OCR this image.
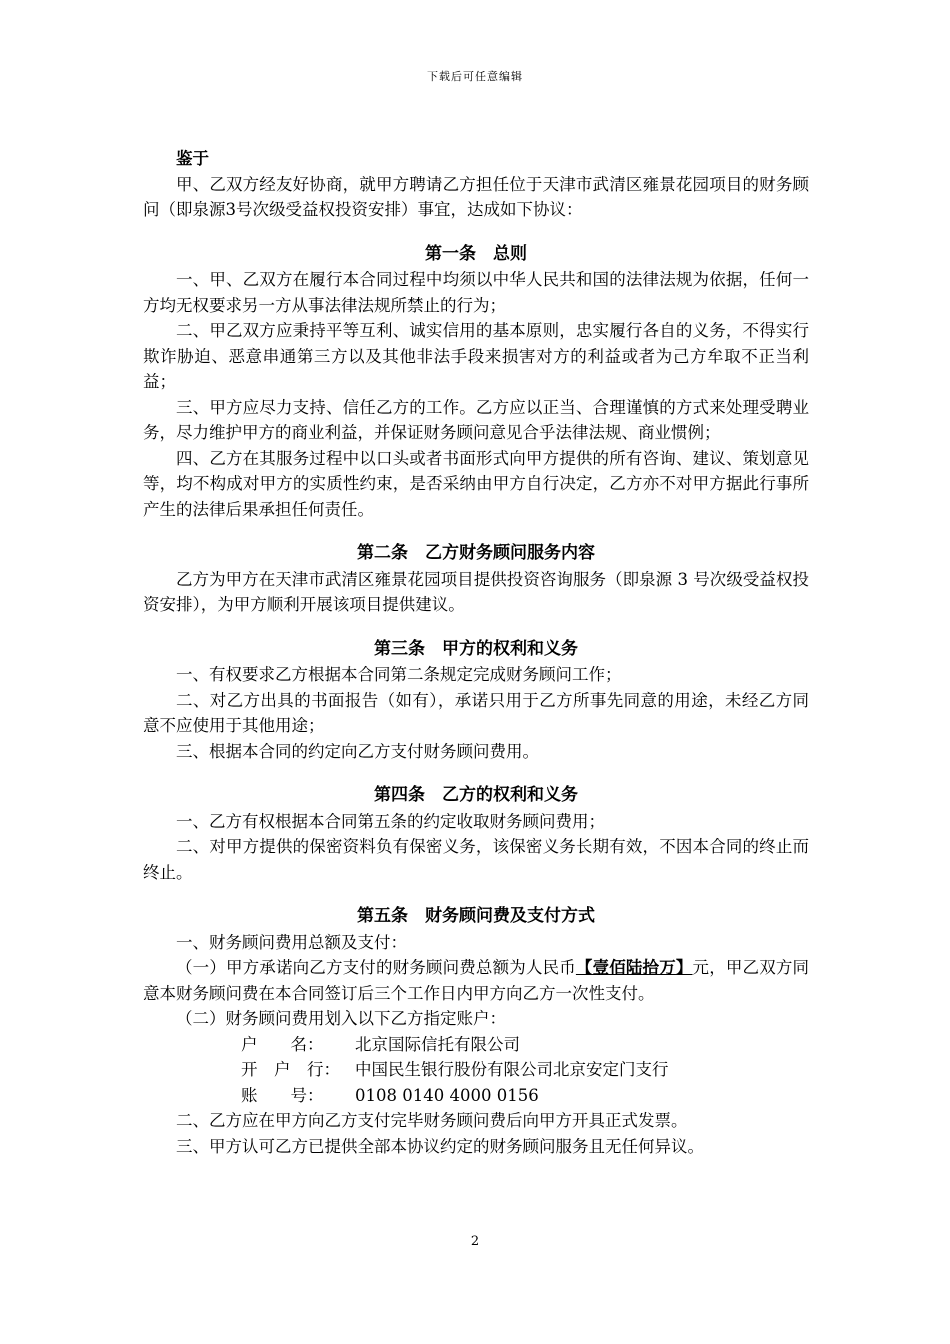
下载后可任意编辑

鉴于

甲、乙双方经友好协商，就甲方聘请乙方担任位于天津市武清区雍景花园项目的财务顾问（即泉源3号次级受益权投资安排）事宜，达成如下协议：

第一条　总则

一、甲、乙双方在履行本合同过程中均须以中华人民共和国的法律法规为依据，任何一方均无权要求另一方从事法律法规所禁止的行为；

二、甲乙双方应秉持平等互利、诚实信用的基本原则，忠实履行各自的义务，不得实行欺诈胁迫、恶意串通第三方以及其他非法手段来损害对方的利益或者为己方牟取不正当利益；

三、甲方应尽力支持、信任乙方的工作。乙方应以正当、合理谨慎的方式来处理受聘业务，尽力维护甲方的商业利益，并保证财务顾问意见合乎法律法规、商业惯例；

四、乙方在其服务过程中以口头或者书面形式向甲方提供的所有咨询、建议、策划意见等，均不构成对甲方的实质性约束，是否采纳由甲方自行决定，乙方亦不对甲方据此行事所产生的法律后果承担任何责任。

第二条　乙方财务顾问服务内容

乙方为甲方在天津市武清区雍景花园项目提供投资咨询服务（即泉源 3 号次级受益权投资安排），为甲方顺利开展该项目提供建议。

第三条　甲方的权利和义务

一、有权要求乙方根据本合同第二条规定完成财务顾问工作；

二、对乙方出具的书面报告（如有），承诺只用于乙方所事先同意的用途，未经乙方同意不应使用于其他用途；

三、根据本合同的约定向乙方支付财务顾问费用。

第四条　乙方的权利和义务

一、乙方有权根据本合同第五条的约定收取财务顾问费用；

二、对甲方提供的保密资料负有保密义务，该保密义务长期有效，不因本合同的终止而终止。

第五条　财务顾问费及支付方式

一、财务顾问费用总额及支付：

（一）甲方承诺向乙方支付的财务顾问费总额为人民币【壹佰陆拾万】元，甲乙双方同意本财务顾问费在本合同签订后三个工作日内甲方向乙方一次性支付。

（二）财务顾问费用划入以下乙方指定账户：

户　　名： 北京国际信托有限公司

开　户　行： 中国民生银行股份有限公司北京安定门支行

账　　号： 0108 0140 4000 0156

二、乙方应在甲方向乙方支付完毕财务顾问费后向甲方开具正式发票。

三、甲方认可乙方已提供全部本协议约定的财务顾问服务且无任何异议。

2
